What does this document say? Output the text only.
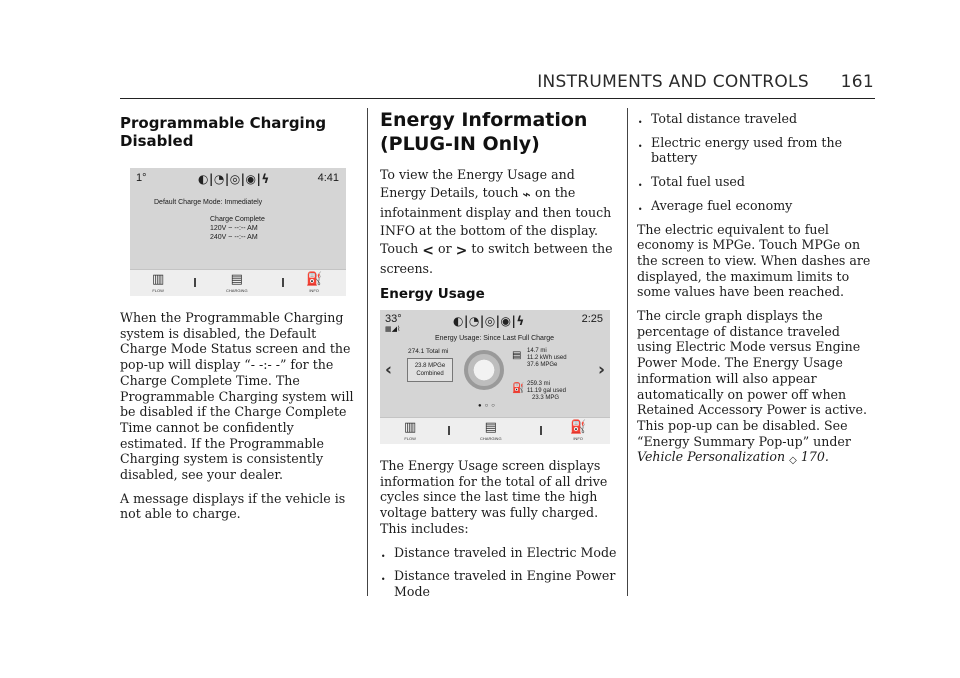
INSTRUMENTS AND CONTROLS 161
Programmable Charging Disabled
1°	◐|◔|◎|◉|ϟ	4:41
Default Charge Mode: Immediately
Charge Complete
120V ~ --:-- AM
240V ~ --:-- AM
▥
FLOW
▤
CHARGING
⛽
INFO

When the Programmable Charging system is disabled, the Default Charge Mode Status screen and the pop-up will display “- -:- -” for the Charge Complete Time. The Programmable Charging system will be disabled if the Charge Complete Time cannot be confidently estimated. If the Programmable Charging system is consistently disabled, see your dealer.

A message displays if the vehicle is not able to charge.

Energy Information (PLUG-IN Only)

To view the Energy Usage and Energy Details, touch ⌁ on the infotainment display and then touch INFO at the bottom of the display. Touch < or > to switch between the screens.

Energy Usage
33°
▦◢⌇
◐|◔|◎|◉|ϟ	2:25
Energy Usage: Since Last Full Charge
‹	›
274.1 Total mi
23.8 MPGe
Combined
▤ 14.7 mi
11.2 kWh used
37.6 MPGe
⛽ 259.3 mi
11.19 gal used
23.3 MPG
●○○
▥
FLOW
▤
CHARGING
⛽
INFO

The Energy Usage screen displays information for the total of all drive cycles since the last time the high voltage battery was fully charged. This includes:

. Distance traveled in Electric Mode

. Distance traveled in Engine Power Mode

. Total distance traveled

. Electric energy used from the battery

. Total fuel used

. Average fuel economy

The electric equivalent to fuel economy is MPGe. Touch MPGe on the screen to view. When dashes are displayed, the maximum limits to some values have been reached.

The circle graph displays the percentage of distance traveled using Electric Mode versus Engine Power Mode. The Energy Usage information will also appear automatically on power off when Retained Accessory Power is active. This pop-up can be disabled. See “Energy Summary Pop-up” under Vehicle Personalization ◇ 170.
